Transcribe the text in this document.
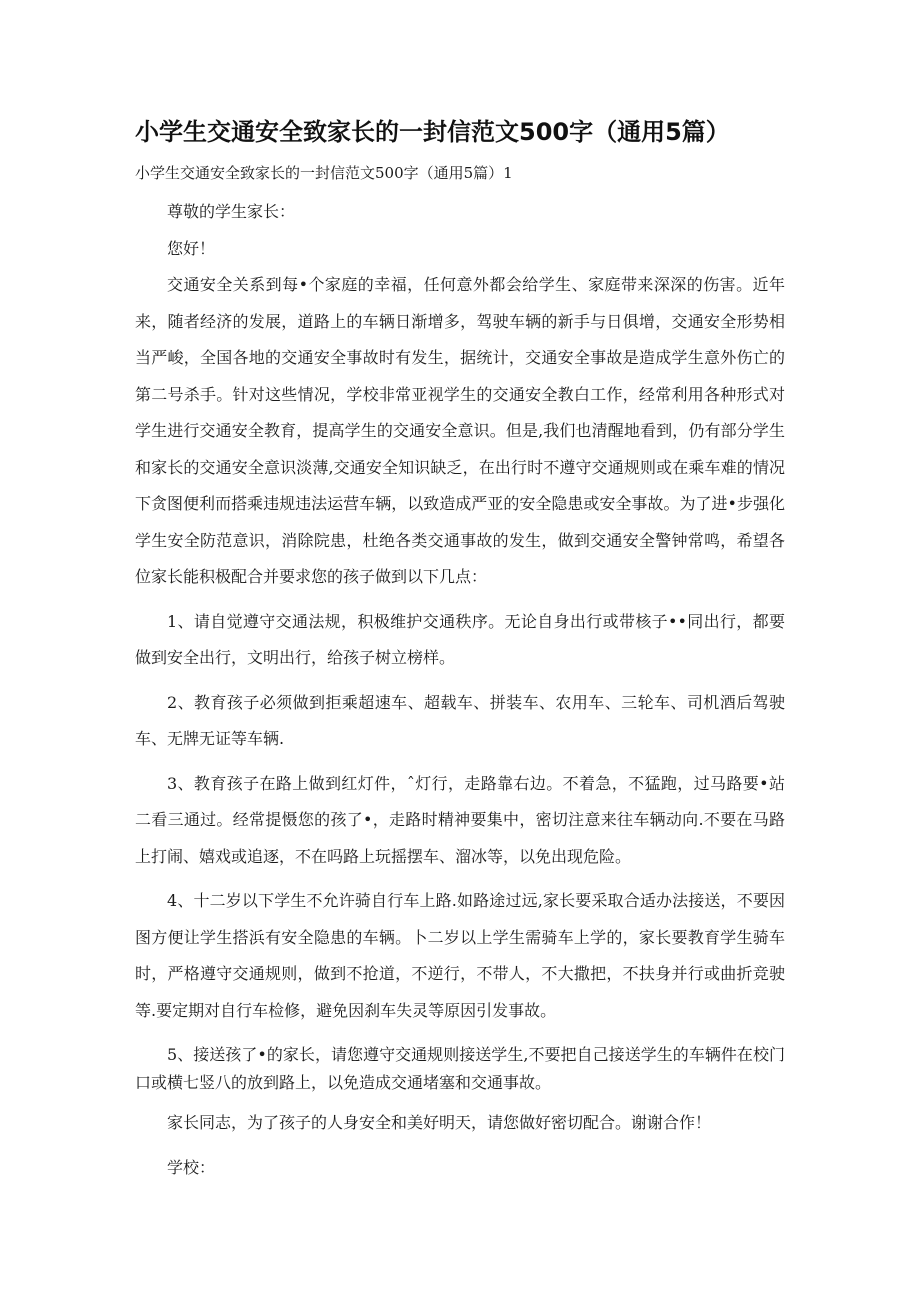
小学生交通安全致家长的一封信范文500字（通用5篇）
小学生交通安全致家长的一封信范文500字（通用5篇）1

尊敬的学生家长：

您好！

交通安全关系到每•个家庭的幸福，任何意外都会给学生、家庭带来深深的伤害。近年来，随者经济的发展，道路上的车辆日渐增多，驾驶车辆的新手与日俱增，交通安全形势相当严峻，全国各地的交通安全事故时有发生，据统计，交通安全事故是造成学生意外伤亡的第二号杀手。针对这些情况，学校非常亚视学生的交通安全教白工作，经常利用各种形式对学生进行交通安全教育，提高学生的交通安全意识。但是,我们也清醒地看到，仍有部分学生和家长的交通安全意识淡薄,交通安全知识缺乏，在出行时不遵守交通规则或在乘车难的情况下贪图便利而搭乘违规违法运营车辆，以致造成严亚的安全隐患或安全事故。为了进•步强化学生安全防范意识，消除院患，杜绝各类交通事故的发生，做到交通安全警钟常鸣，希望各位家长能积极配合并要求您的孩子做到以下几点：

1、请自觉遵守交通法规，积极维护交通秩序。无论自身出行或带核子••同出行，都要做到安全出行，文明出行，给孩子树立榜样。

2、教育孩子必须做到拒乘超速车、超载车、拼装车、农用车、三轮车、司机酒后驾驶车、无牌无证等车辆.

3、教育孩子在路上做到红灯件，ˆ灯行，走路靠右边。不着急，不猛跑，过马路要•站二看三通过。经常提慑您的孩了•，走路时精神要集中，密切注意来往车辆动向.不要在马路上打闹、嬉戏或追逐，不在吗路上玩摇摆车、溜冰等，以免出现危险。

4、十二岁以下学生不允许骑自行车上路.如路途过远,家长要采取合适办法接送，不要因图方便让学生搭浜有安全隐患的车辆。卜二岁以上学生需骑车上学的，家长要教育学生骑车时，严格遵守交通规则，做到不抢道，不逆行，不带人，不大撒把，不扶身并行或曲折竞驶等.要定期对自行车检修，避免因刹车失灵等原因引发事故。

5、接送孩了•的家长，请您遵守交通规则接送学生,不要把自己接送学生的车辆件在校门口或横七竖八的放到路上，以免造成交通堵塞和交通事故。

家长同志，为了孩子的人身安全和美好明天，请您做好密切配合。谢谢合作！

学校：
